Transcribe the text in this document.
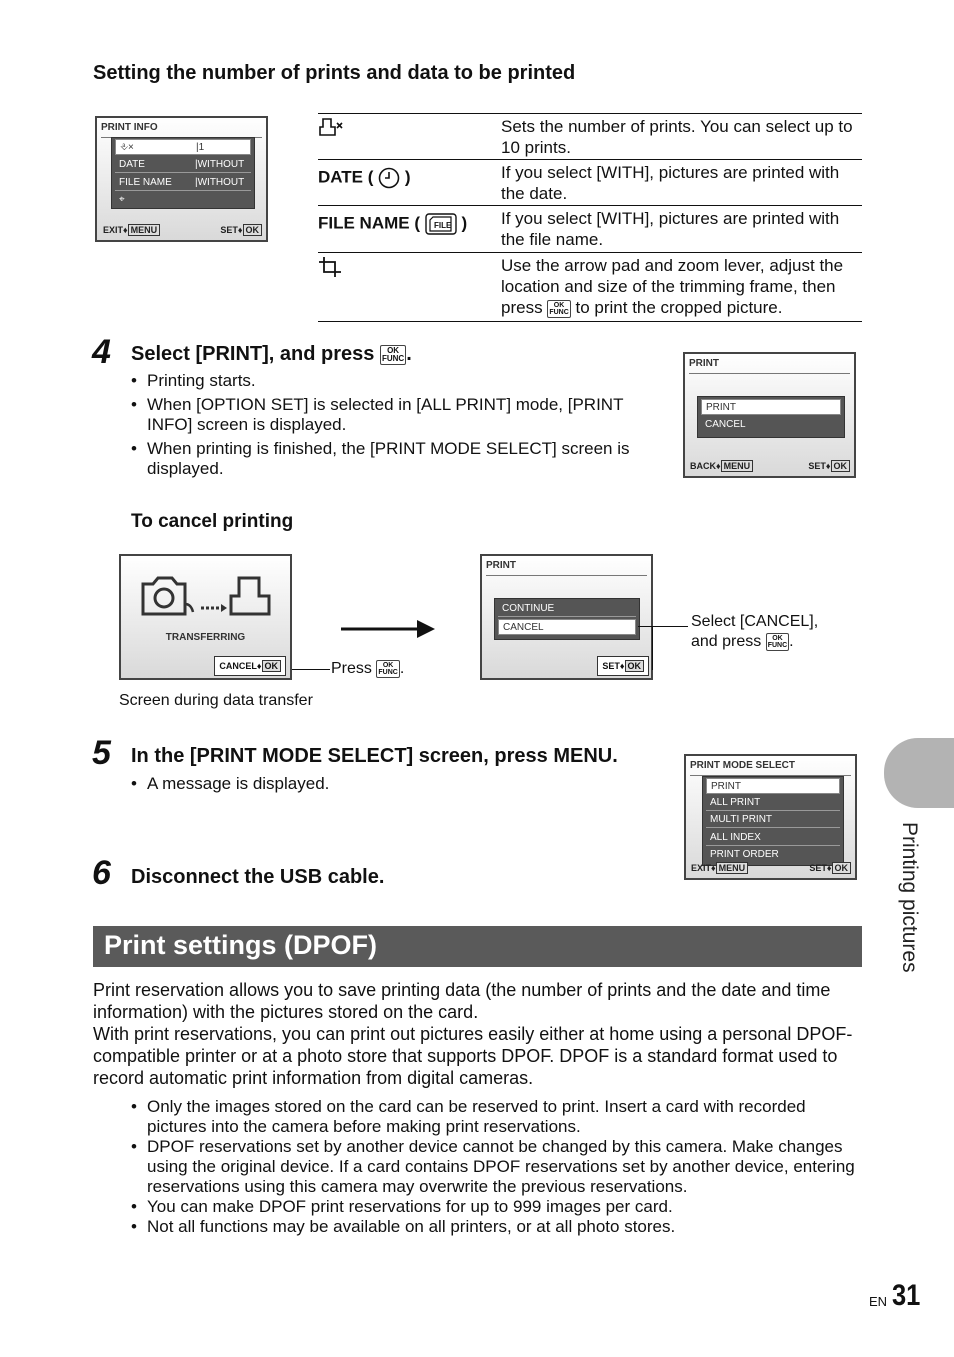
Setting the number of prints and data to be printed
PRINT INFO
⎀×	|1
DATE	|WITHOUT
FILE NAME |WITHOUT
⌖
EXIT♦ MENU	SET♦ OK
Sets the number of prints. You can select up to 10 prints.
DATE ( )	If you select [WITH], pictures are printed with the date.
FILE NAME ( FILE ) If you select [WITH], pictures are printed with the file name.
Use the arrow pad and zoom lever, adjust the location and size of the trimming frame, then press OK
FUNC to print the cropped picture.
4 Select [PRINT], and press OK
FUNC .
• Printing starts.
• When [OPTION SET] is selected in [ALL PRINT] mode, [PRINT INFO] screen is displayed.
• When printing is finished, the [PRINT MODE SELECT] screen is displayed.
PRINT
PRINT
CANCEL
BACK♦ MENU	SET♦ OK
To cancel printing
TRANSFERRING
CANCEL♦ OK	Press OK
FUNC .
Screen during data transfer
PRINT
CONTINUE
CANCEL
SET♦ OK
Select [CANCEL], and press OK
FUNC .
5 In the [PRINT MODE SELECT] screen, press MENU.
• A message is displayed.
PRINT MODE SELECT
PRINT
ALL PRINT
MULTI PRINT
ALL INDEX
PRINT ORDER
EXIT♦ MENU	SET♦ OK
6 Disconnect the USB cable.
Print settings (DPOF)
Print reservation allows you to save printing data (the number of prints and the date and time information) with the pictures stored on the card.
With print reservations, you can print out pictures easily either at home using a personal DPOF-compatible printer or at a photo store that supports DPOF. DPOF is a standard format used to record automatic print information from digital cameras.
• Only the images stored on the card can be reserved to print. Insert a card with recorded pictures into the camera before making print reservations.
• DPOF reservations set by another device cannot be changed by this camera. Make changes using the original device. If a card contains DPOF reservations set by another device, entering reservations using this camera may overwrite the previous reservations.
• You can make DPOF print reservations for up to 999 images per card.
• Not all functions may be available on all printers, or at all photo stores.
Printing pictures
EN 31
